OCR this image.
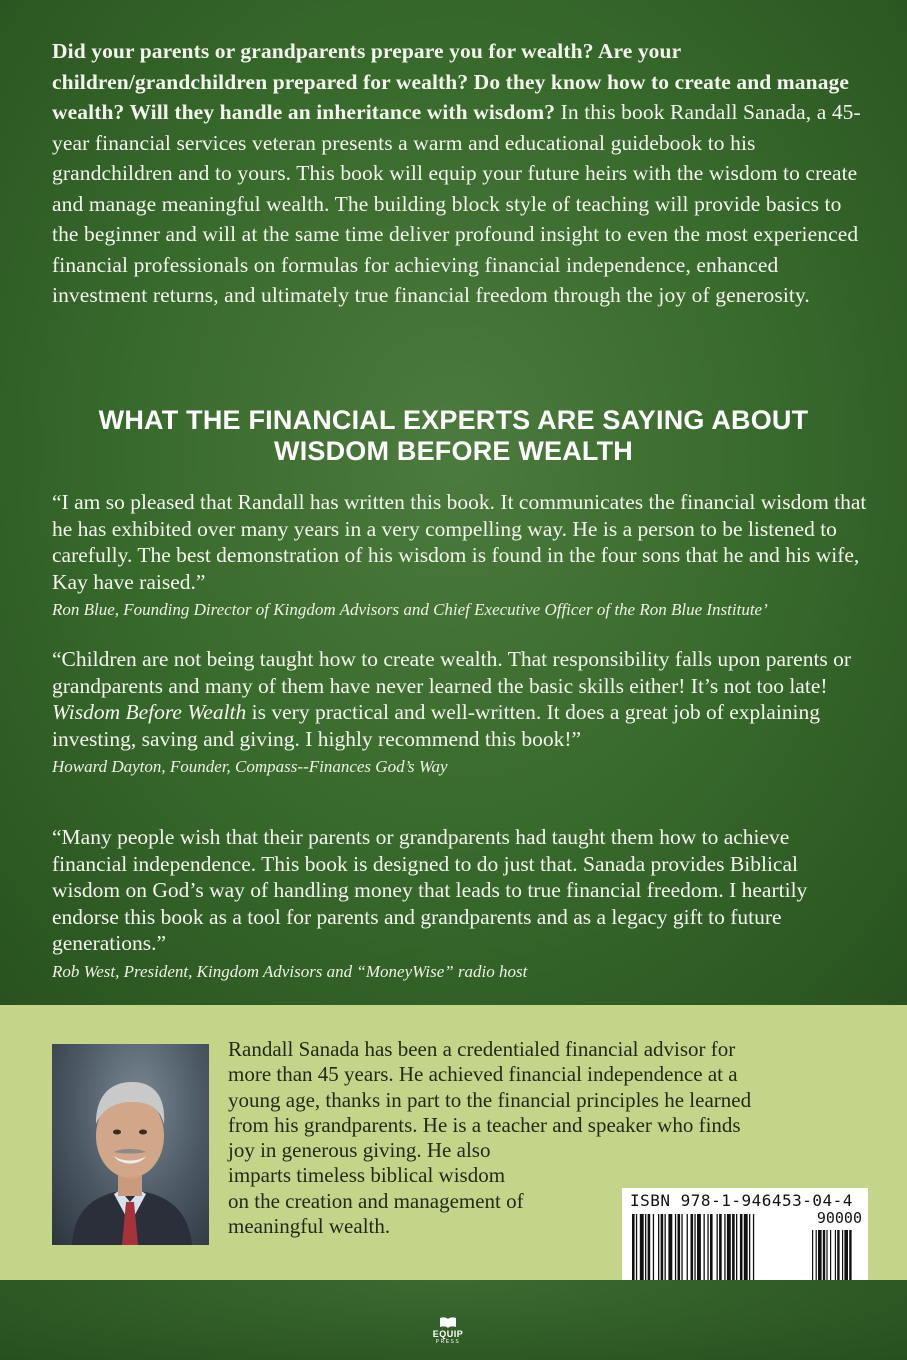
Did your parents or grandparents prepare you for wealth? Are your children/grandchildren prepared for wealth? Do they know how to create and manage wealth? Will they handle an inheritance with wisdom? In this book Randall Sanada, a 45-year financial services veteran presents a warm and educational guidebook to his grandchildren and to yours. This book will equip your future heirs with the wisdom to create and manage meaningful wealth. The building block style of teaching will provide basics to the beginner and will at the same time deliver profound insight to even the most experienced financial professionals on formulas for achieving financial independence, enhanced investment returns, and ultimately true financial freedom through the joy of generosity.

WHAT THE FINANCIAL EXPERTS ARE SAYING ABOUT
WISDOM BEFORE WEALTH
“I am so pleased that Randall has written this book. It communicates the financial wisdom that he has exhibited over many years in a very compelling way. He is a person to be listened to carefully. The best demonstration of his wisdom is found in the four sons that he and his wife, Kay have raised.”
Ron Blue, Founding Director of Kingdom Advisors and Chief Executive Officer of the Ron Blue Institute’
“Children are not being taught how to create wealth. That responsibility falls upon parents or grandparents and many of them have never learned the basic skills either! It’s not too late! Wisdom Before Wealth is very practical and well-written. It does a great job of explaining investing, saving and giving. I highly recommend this book!”
Howard Dayton, Founder, Compass--Finances God’s Way
“Many people wish that their parents or grandparents had taught them how to achieve financial independence. This book is designed to do just that. Sanada provides Biblical wisdom on God’s way of handling money that leads to true financial freedom. I heartily endorse this book as a tool for parents and grandparents and as a legacy gift to future generations.”
Rob West, President, Kingdom Advisors and “MoneyWise” radio host
Randall Sanada has been a credentialed financial advisor for
more than 45 years. He achieved financial independence at a
young age, thanks in part to the financial principles he learned
from his grandparents. He is a teacher and speaker who finds
joy in generous giving. He also
imparts timeless biblical wisdom
on the creation and management of
meaningful wealth.
ISBN 978-1-946453-04-4
90000
EQUIP
PRESS
